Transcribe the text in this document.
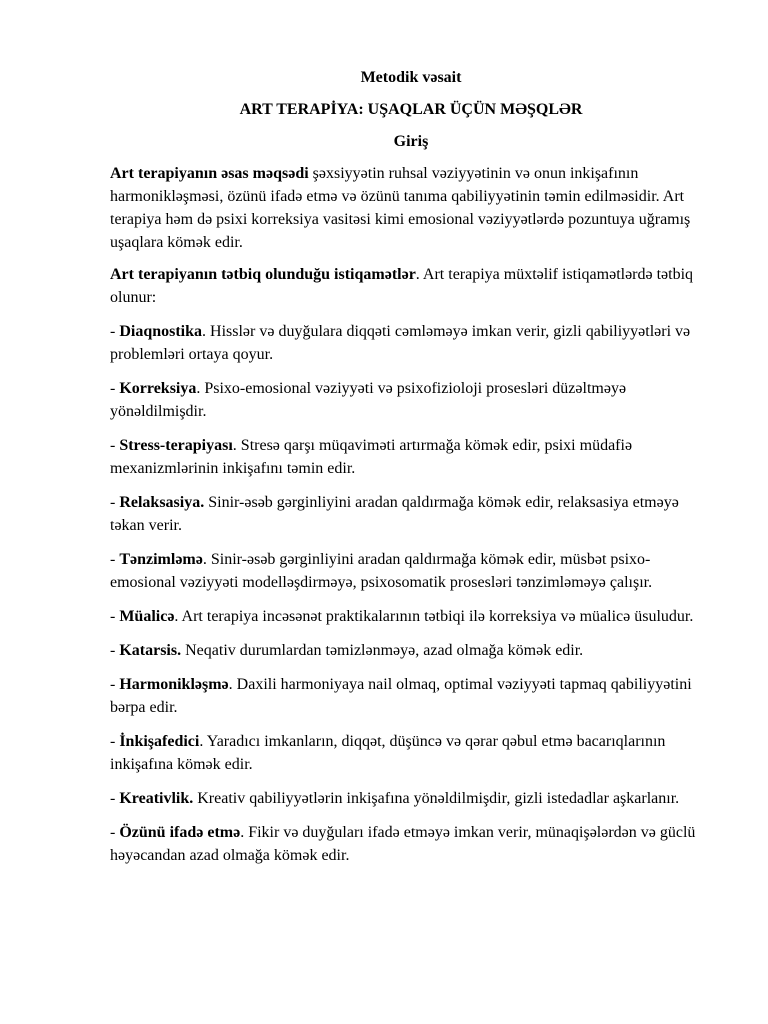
Metodik vəsait
ART TERAPİYA: UŞAQLAR ÜÇÜN MƏŞQLƏR
Giriş

Art terapiyanın əsas məqsədi şəxsiyyətin ruhsal vəziyyətinin və onun inkişafının harmonikləşməsi, özünü ifadə etmə və özünü tanıma qabiliyyətinin təmin edilməsidir. Art terapiya həm də psixi korreksiya vasitəsi kimi emosional vəziyyətlərdə pozuntuya uğramış uşaqlara kömək edir.

Art terapiyanın tətbiq olunduğu istiqamətlər. Art terapiya müxtəlif istiqamətlərdə tətbiq olunur:

- Diaqnostika. Hisslər və duyğulara diqqəti cəmləməyə imkan verir, gizli qabiliyyətləri və problemləri ortaya qoyur.

- Korreksiya. Psixo-emosional vəziyyəti və psixofizioloji prosesləri düzəltməyə yönəldilmişdir.

- Stress-terapiyası. Stresə qarşı müqaviməti artırmağa kömək edir, psixi müdafiə mexanizmlərinin inkişafını təmin edir.

- Relaksasiya. Sinir-əsəb gərginliyini aradan qaldırmağa kömək edir, relaksasiya etməyə təkan verir.

- Tənzimləmə. Sinir-əsəb gərginliyini aradan qaldırmağa kömək edir, müsbət psixo-emosional vəziyyəti modelləşdirməyə, psixosomatik prosesləri tənzimləməyə çalışır.

- Müalicə. Art terapiya incəsənət praktikalarının tətbiqi ilə korreksiya və müalicə üsuludur.

- Katarsis. Neqativ durumlardan təmizlənməyə, azad olmağa kömək edir.

- Harmonikləşmə. Daxili harmoniyaya nail olmaq, optimal vəziyyəti tapmaq qabiliyyətini bərpa edir.

- İnkişafedici. Yaradıcı imkanların, diqqət, düşüncə və qərar qəbul etmə bacarıqlarının inkişafına kömək edir.

- Kreativlik. Kreativ qabiliyyətlərin inkişafına yönəldilmişdir, gizli istedadlar aşkarlanır.

- Özünü ifadə etmə. Fikir və duyğuları ifadə etməyə imkan verir, münaqişələrdən və güclü həyəcandan azad olmağa kömək edir.
